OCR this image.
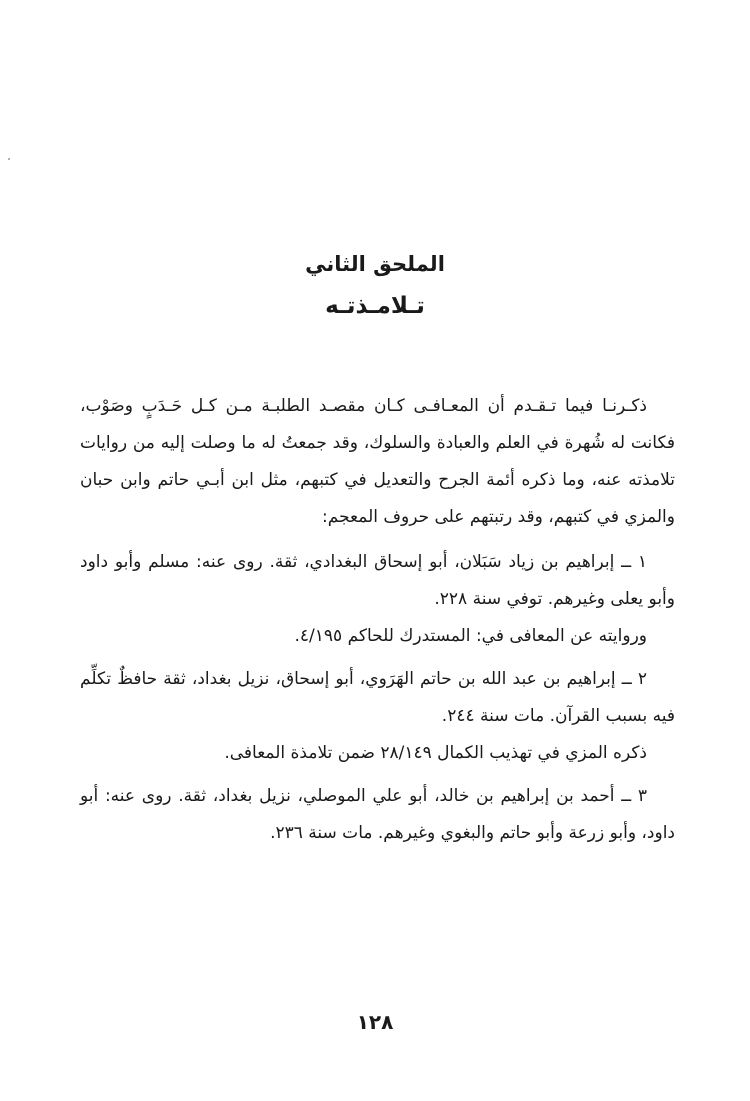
الملحق الثاني
تـلامـذتـه

ذكـرنـا فيما تـقـدم أن المعـافـى كـان مقصـد الطلبـة مـن كـل حَـدَبٍ وصَوْب، فكانت له شُهرة في العلم والعبادة والسلوك، وقد جمعتُ له ما وصلت إليه من روايات تلامذته عنه، وما ذكره أئمة الجرح والتعديل في كتبهم، مثل ابن أبـي حاتم وابن حبان والمزي في كتبهم، وقد رتبتهم على حروف المعجم:

١ ــ إبراهيم بن زياد سَبَلان، أبو إسحاق البغدادي، ثقة. روى عنه: مسلم وأبو داود وأبو يعلى وغيرهم. توفي سنة ٢٢٨.

وروايته عن المعافى في: المستدرك للحاكم ٤/١٩٥.

٢ ــ إبراهيم بن عبد الله بن حاتم الهَرَوي، أبو إسحاق، نزيل بغداد، ثقة حافظٌ تكلِّم فيه بسبب القرآن. مات سنة ٢٤٤.

ذكره المزي في تهذيب الكمال ٢٨/١٤٩ ضمن تلامذة المعافى.

٣ ــ أحمد بن إبراهيم بن خالد، أبو علي الموصلي، نزيل بغداد، ثقة. روى عنه: أبو داود، وأبو زرعة وأبو حاتم والبغوي وغيرهم. مات سنة ٢٣٦.

١٢٨
